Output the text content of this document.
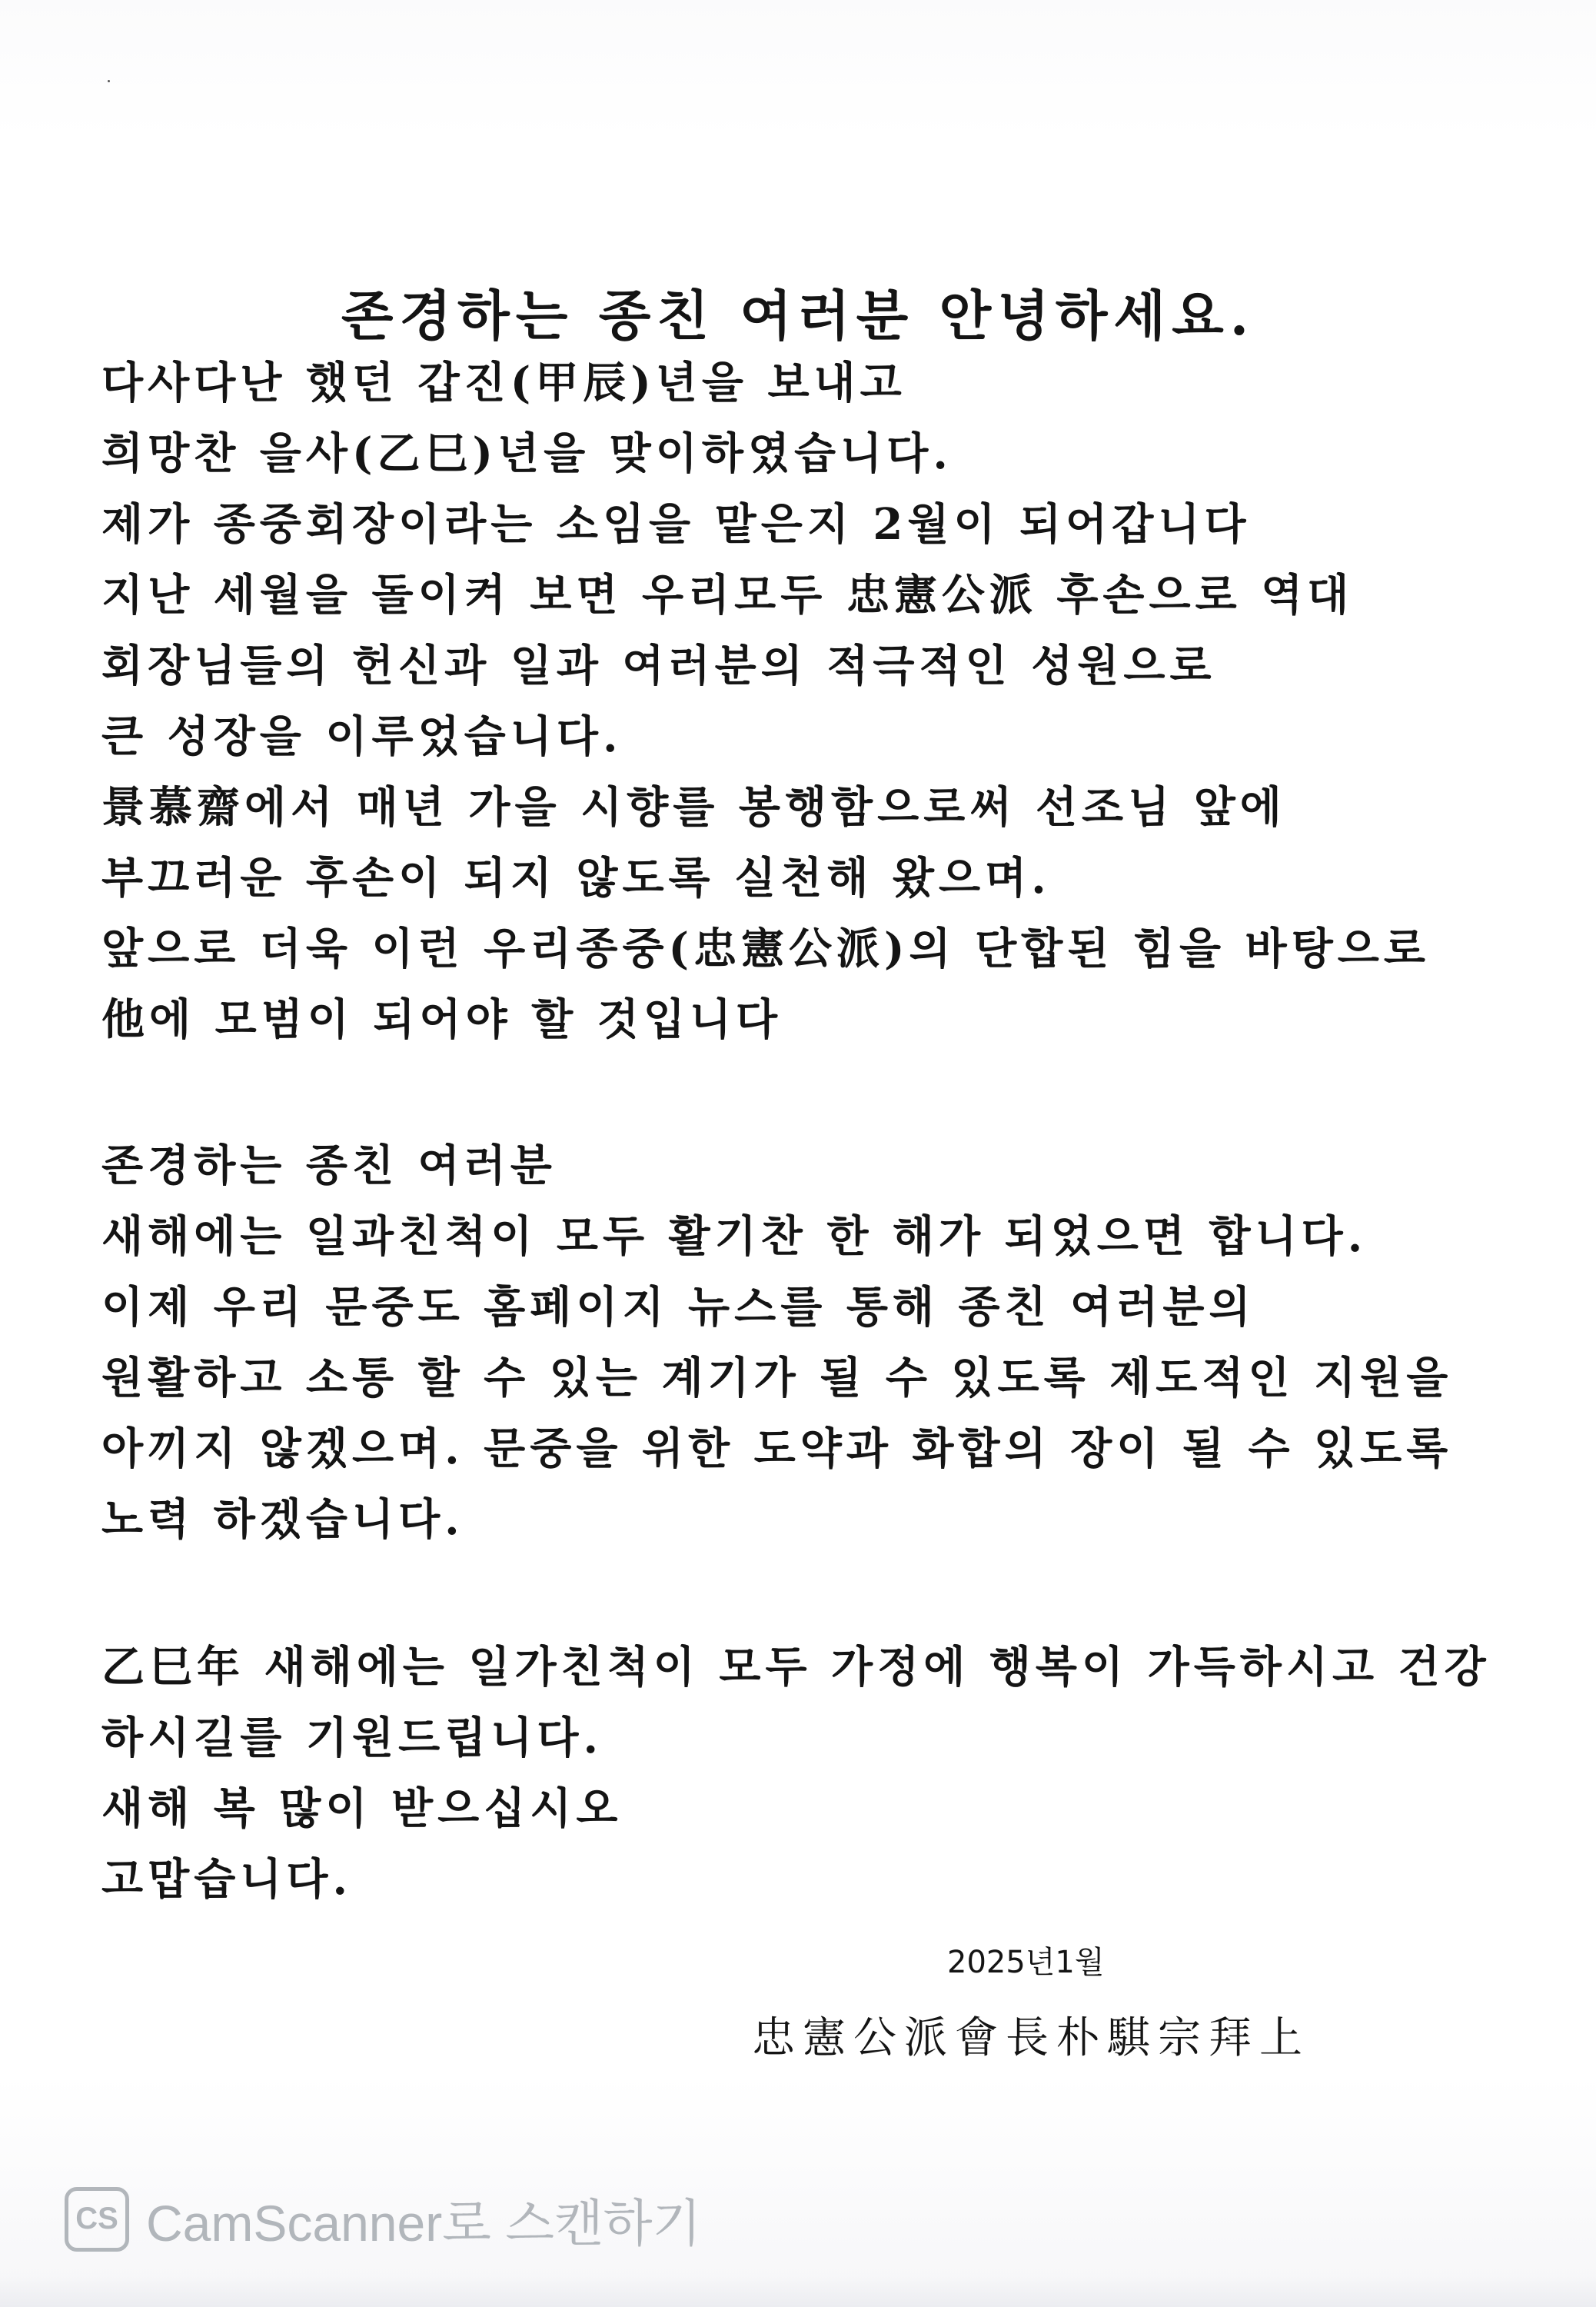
존경하는 종친 여러분 안녕하세요.
다사다난 했던 갑진(甲辰)년을 보내고
희망찬 을사(乙巳)년을 맞이하였습니다.
제가 종중회장이라는 소임을 맡은지 2월이 되어갑니다
지난 세월을 돌이켜 보면 우리모두 忠憲公派 후손으로 역대
회장님들의 헌신과 일과 여러분의 적극적인 성원으로
큰 성장을 이루었습니다.
景慕齋에서 매년 가을 시향를 봉행함으로써 선조님 앞에
부끄러운 후손이 되지 않도록 실천해 왔으며.
앞으로 더욱 이런 우리종중(忠憲公派)의 단합된 힘을 바탕으로
他에 모범이 되어야 할 것입니다
존경하는 종친 여러분
새해에는 일과친척이 모두 활기찬 한 해가 되었으면 합니다.
이제 우리 문중도 홈페이지 뉴스를 통해 종친 여러분의
원활하고 소통 할 수 있는 계기가 될 수 있도록 제도적인 지원을
아끼지 않겠으며. 문중을 위한 도약과 화합의 장이 될 수 있도록
노력 하겠습니다.
乙巳年 새해에는 일가친척이 모두 가정에 행복이 가득하시고 건강
하시길를 기원드립니다.
새해 복 많이 받으십시오
고맙습니다.
2025년1월
忠憲公派會長朴騏宗拜上
CS CamScanner로 스캔하기
